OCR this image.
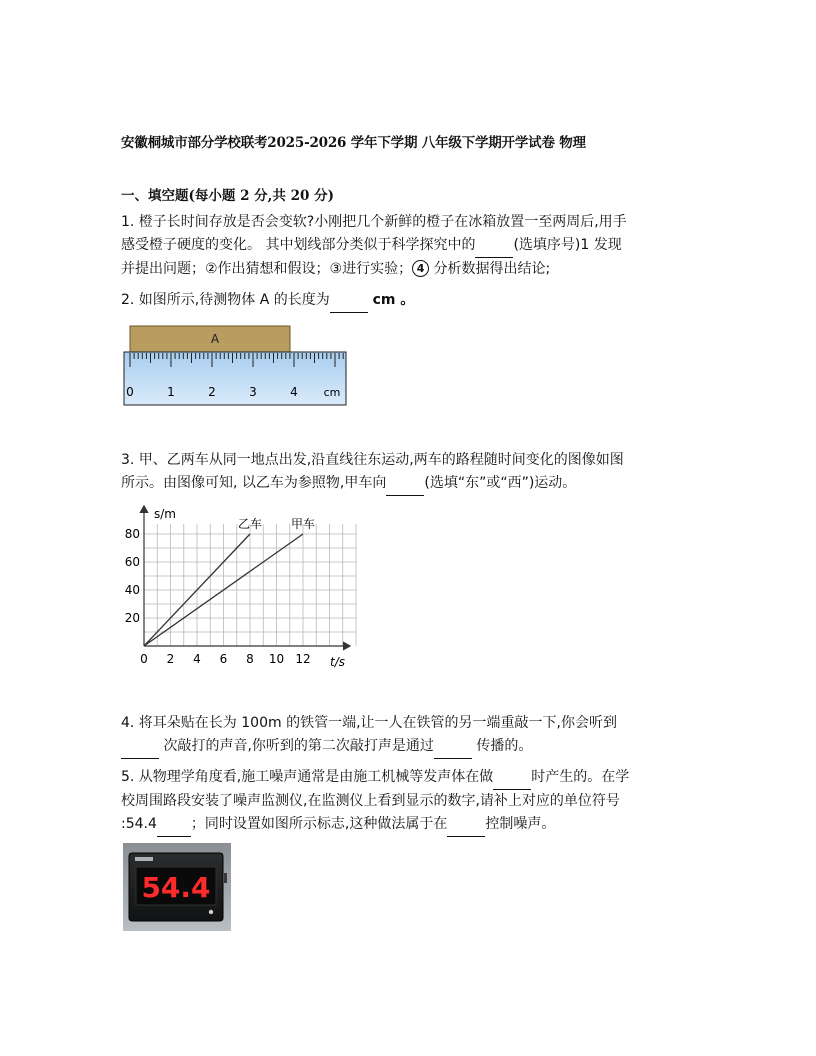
安徽桐城市部分学校联考2025-2026 学年下学期 八年级下学期开学试卷 物理
一、填空题(每小题 2 分,共 20 分)

1. 橙子长时间存放是否会变软?小刚把几个新鲜的橙子在冰箱放置一至两周后,用手

感受橙子硬度的变化。 其中划线部分类似于科学探究中的	(选填序号)1 发现

并提出问题；②作出猜想和假设；③进行实验； 4 分析数据得出结论;

2. 如图所示,待测物体 A 的长度为	cm 。

A
0	1	2	3	4 cm

3. 甲、乙两车从同一地点出发,沿直线往东运动,两车的路程随时间变化的图像如图

所示。由图像可知, 以乙车为参照物,甲车向	(选填“东”或“西”)运动。

0 2 4 6 8 10 12
20
40
60
80
s/m
t/s
乙车 甲车

4. 将耳朵贴在长为 100m 的铁管一端,让一人在铁管的另一端重敲一下,你会听到

次敲打的声音,你听到的第二次敲打声是通过	传播的。

5. 从物理学角度看,施工噪声通常是由施工机械等发声体在做	时产生的。在学

校周围路段安装了噪声监测仪,在监测仪上看到显示的数字,请补上对应的单位符号

:54.4 ；同时设置如图所示标志,这种做法属于在	控制噪声。

54.4
